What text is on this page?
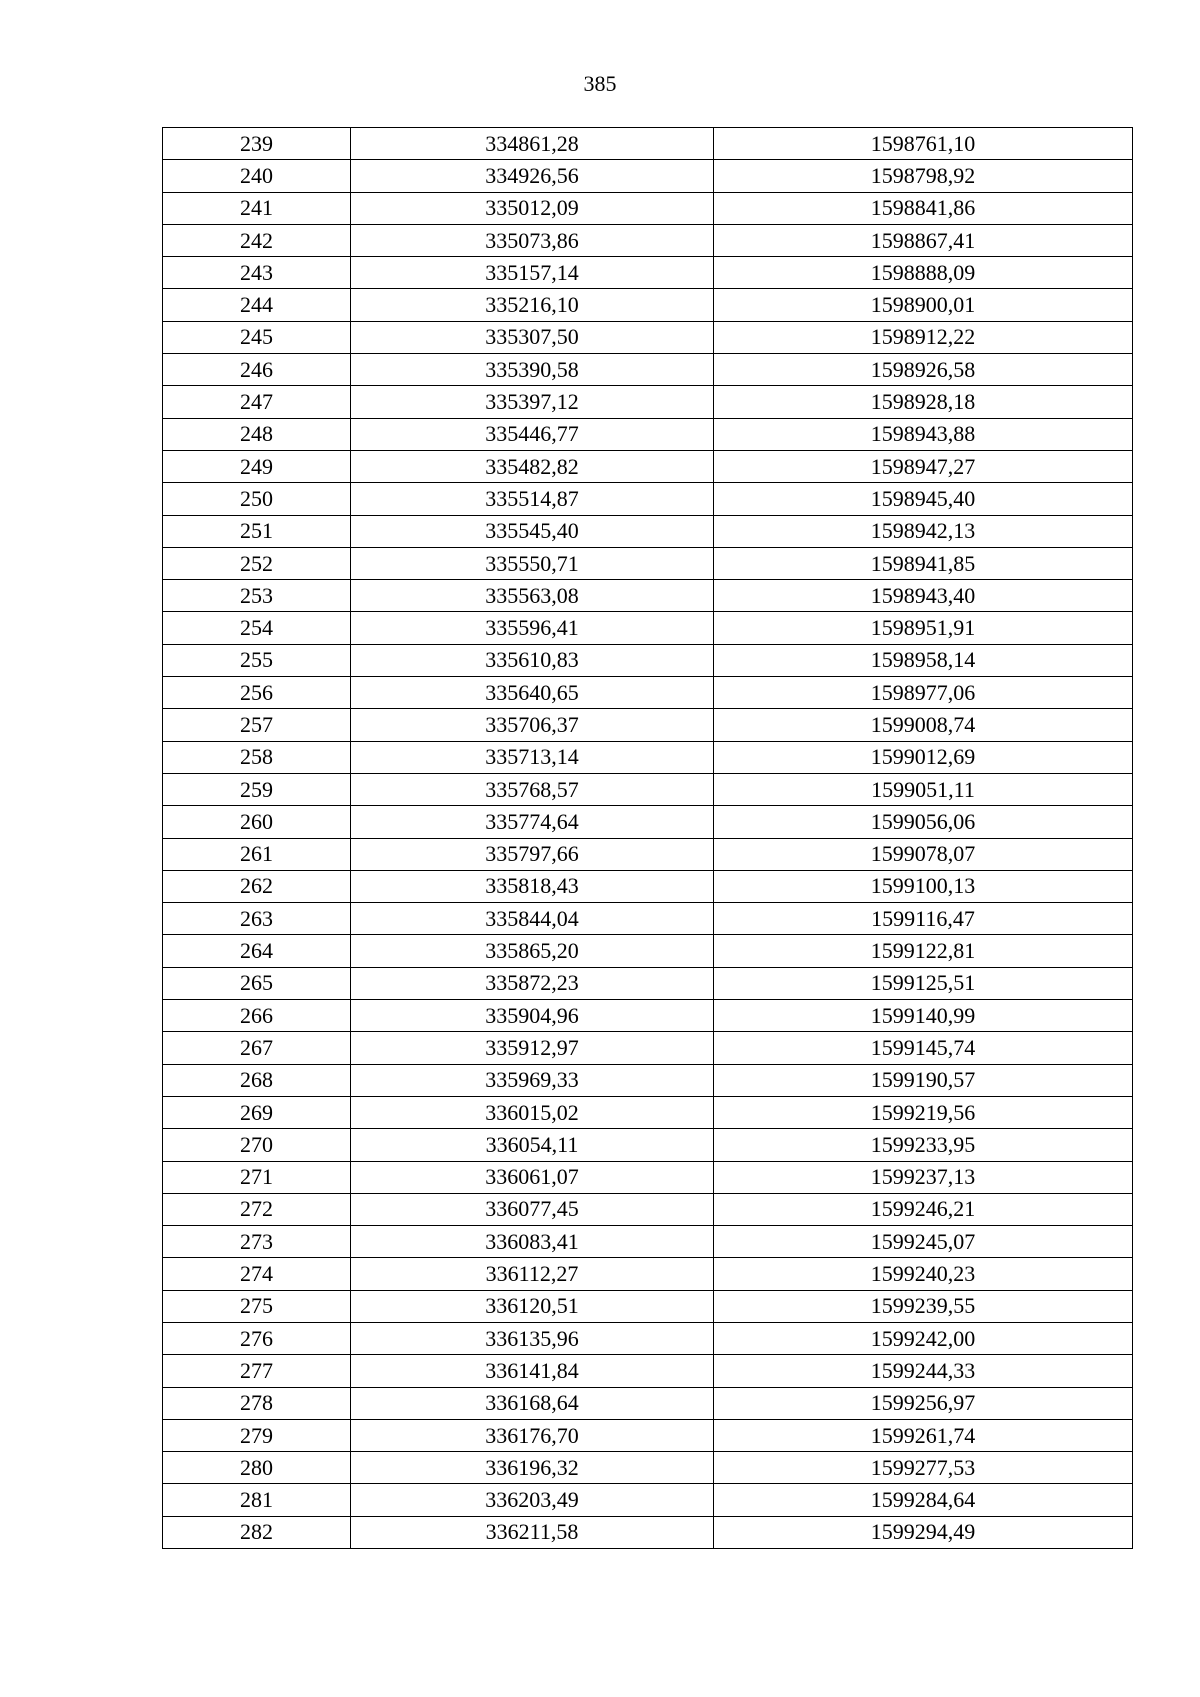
385
239	334861,28	1598761,10
240	334926,56	1598798,92
241	335012,09	1598841,86
242	335073,86	1598867,41
243	335157,14	1598888,09
244	335216,10	1598900,01
245	335307,50	1598912,22
246	335390,58	1598926,58
247	335397,12	1598928,18
248	335446,77	1598943,88
249	335482,82	1598947,27
250	335514,87	1598945,40
251	335545,40	1598942,13
252	335550,71	1598941,85
253	335563,08	1598943,40
254	335596,41	1598951,91
255	335610,83	1598958,14
256	335640,65	1598977,06
257	335706,37	1599008,74
258	335713,14	1599012,69
259	335768,57	1599051,11
260	335774,64	1599056,06
261	335797,66	1599078,07
262	335818,43	1599100,13
263	335844,04	1599116,47
264	335865,20	1599122,81
265	335872,23	1599125,51
266	335904,96	1599140,99
267	335912,97	1599145,74
268	335969,33	1599190,57
269	336015,02	1599219,56
270	336054,11	1599233,95
271	336061,07	1599237,13
272	336077,45	1599246,21
273	336083,41	1599245,07
274	336112,27	1599240,23
275	336120,51	1599239,55
276	336135,96	1599242,00
277	336141,84	1599244,33
278	336168,64	1599256,97
279	336176,70	1599261,74
280	336196,32	1599277,53
281	336203,49	1599284,64
282	336211,58	1599294,49
